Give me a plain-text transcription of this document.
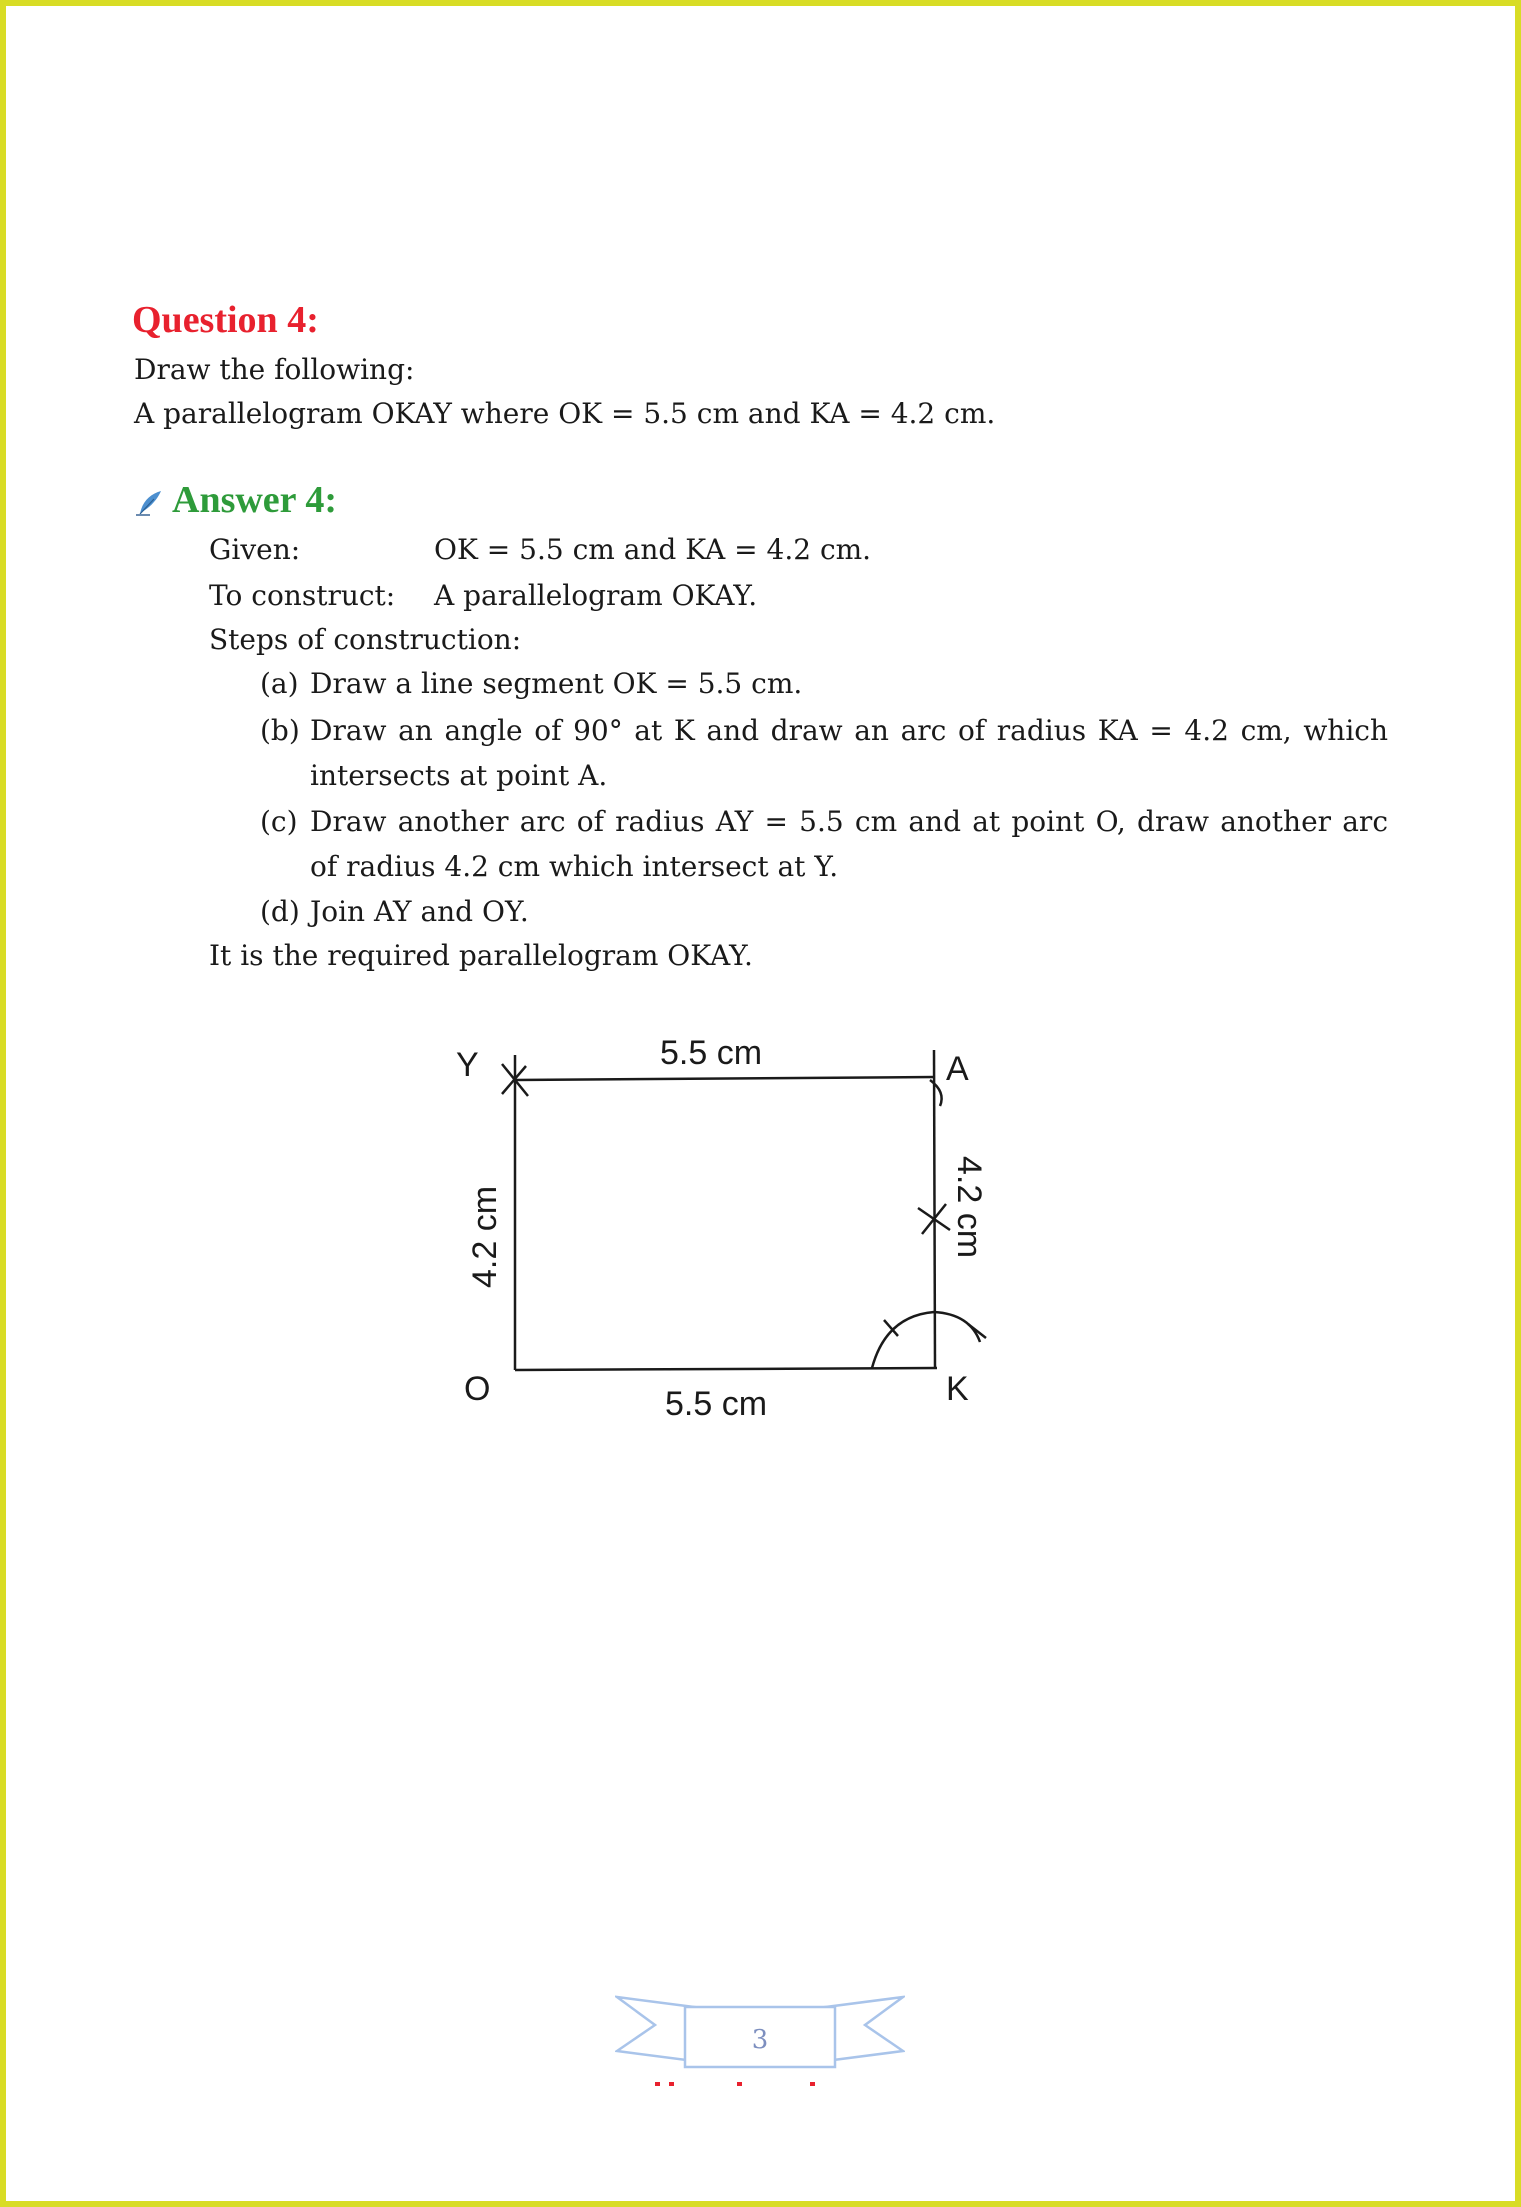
Question 4:
Draw the following:
A parallelogram OKAY where OK = 5.5 cm and KA = 4.2 cm.
Answer 4:
Given:	OK = 5.5 cm and KA = 4.2 cm.
To construct: A parallelogram OKAY.
Steps of construction:
(a) Draw a line segment OK = 5.5 cm.
(b) Draw an angle of 90° at K and draw an arc of radius KA = 4.2 cm, which intersects at point A.
(c) Draw another arc of radius AY = 5.5 cm and at point O, draw another arc of radius 4.2 cm which intersect at Y.
(d) Join AY and OY.
It is the required parallelogram OKAY.
Y	A
O	K
5.5 cm
5.5 cm
4.2 cm	4.2 cm
3
